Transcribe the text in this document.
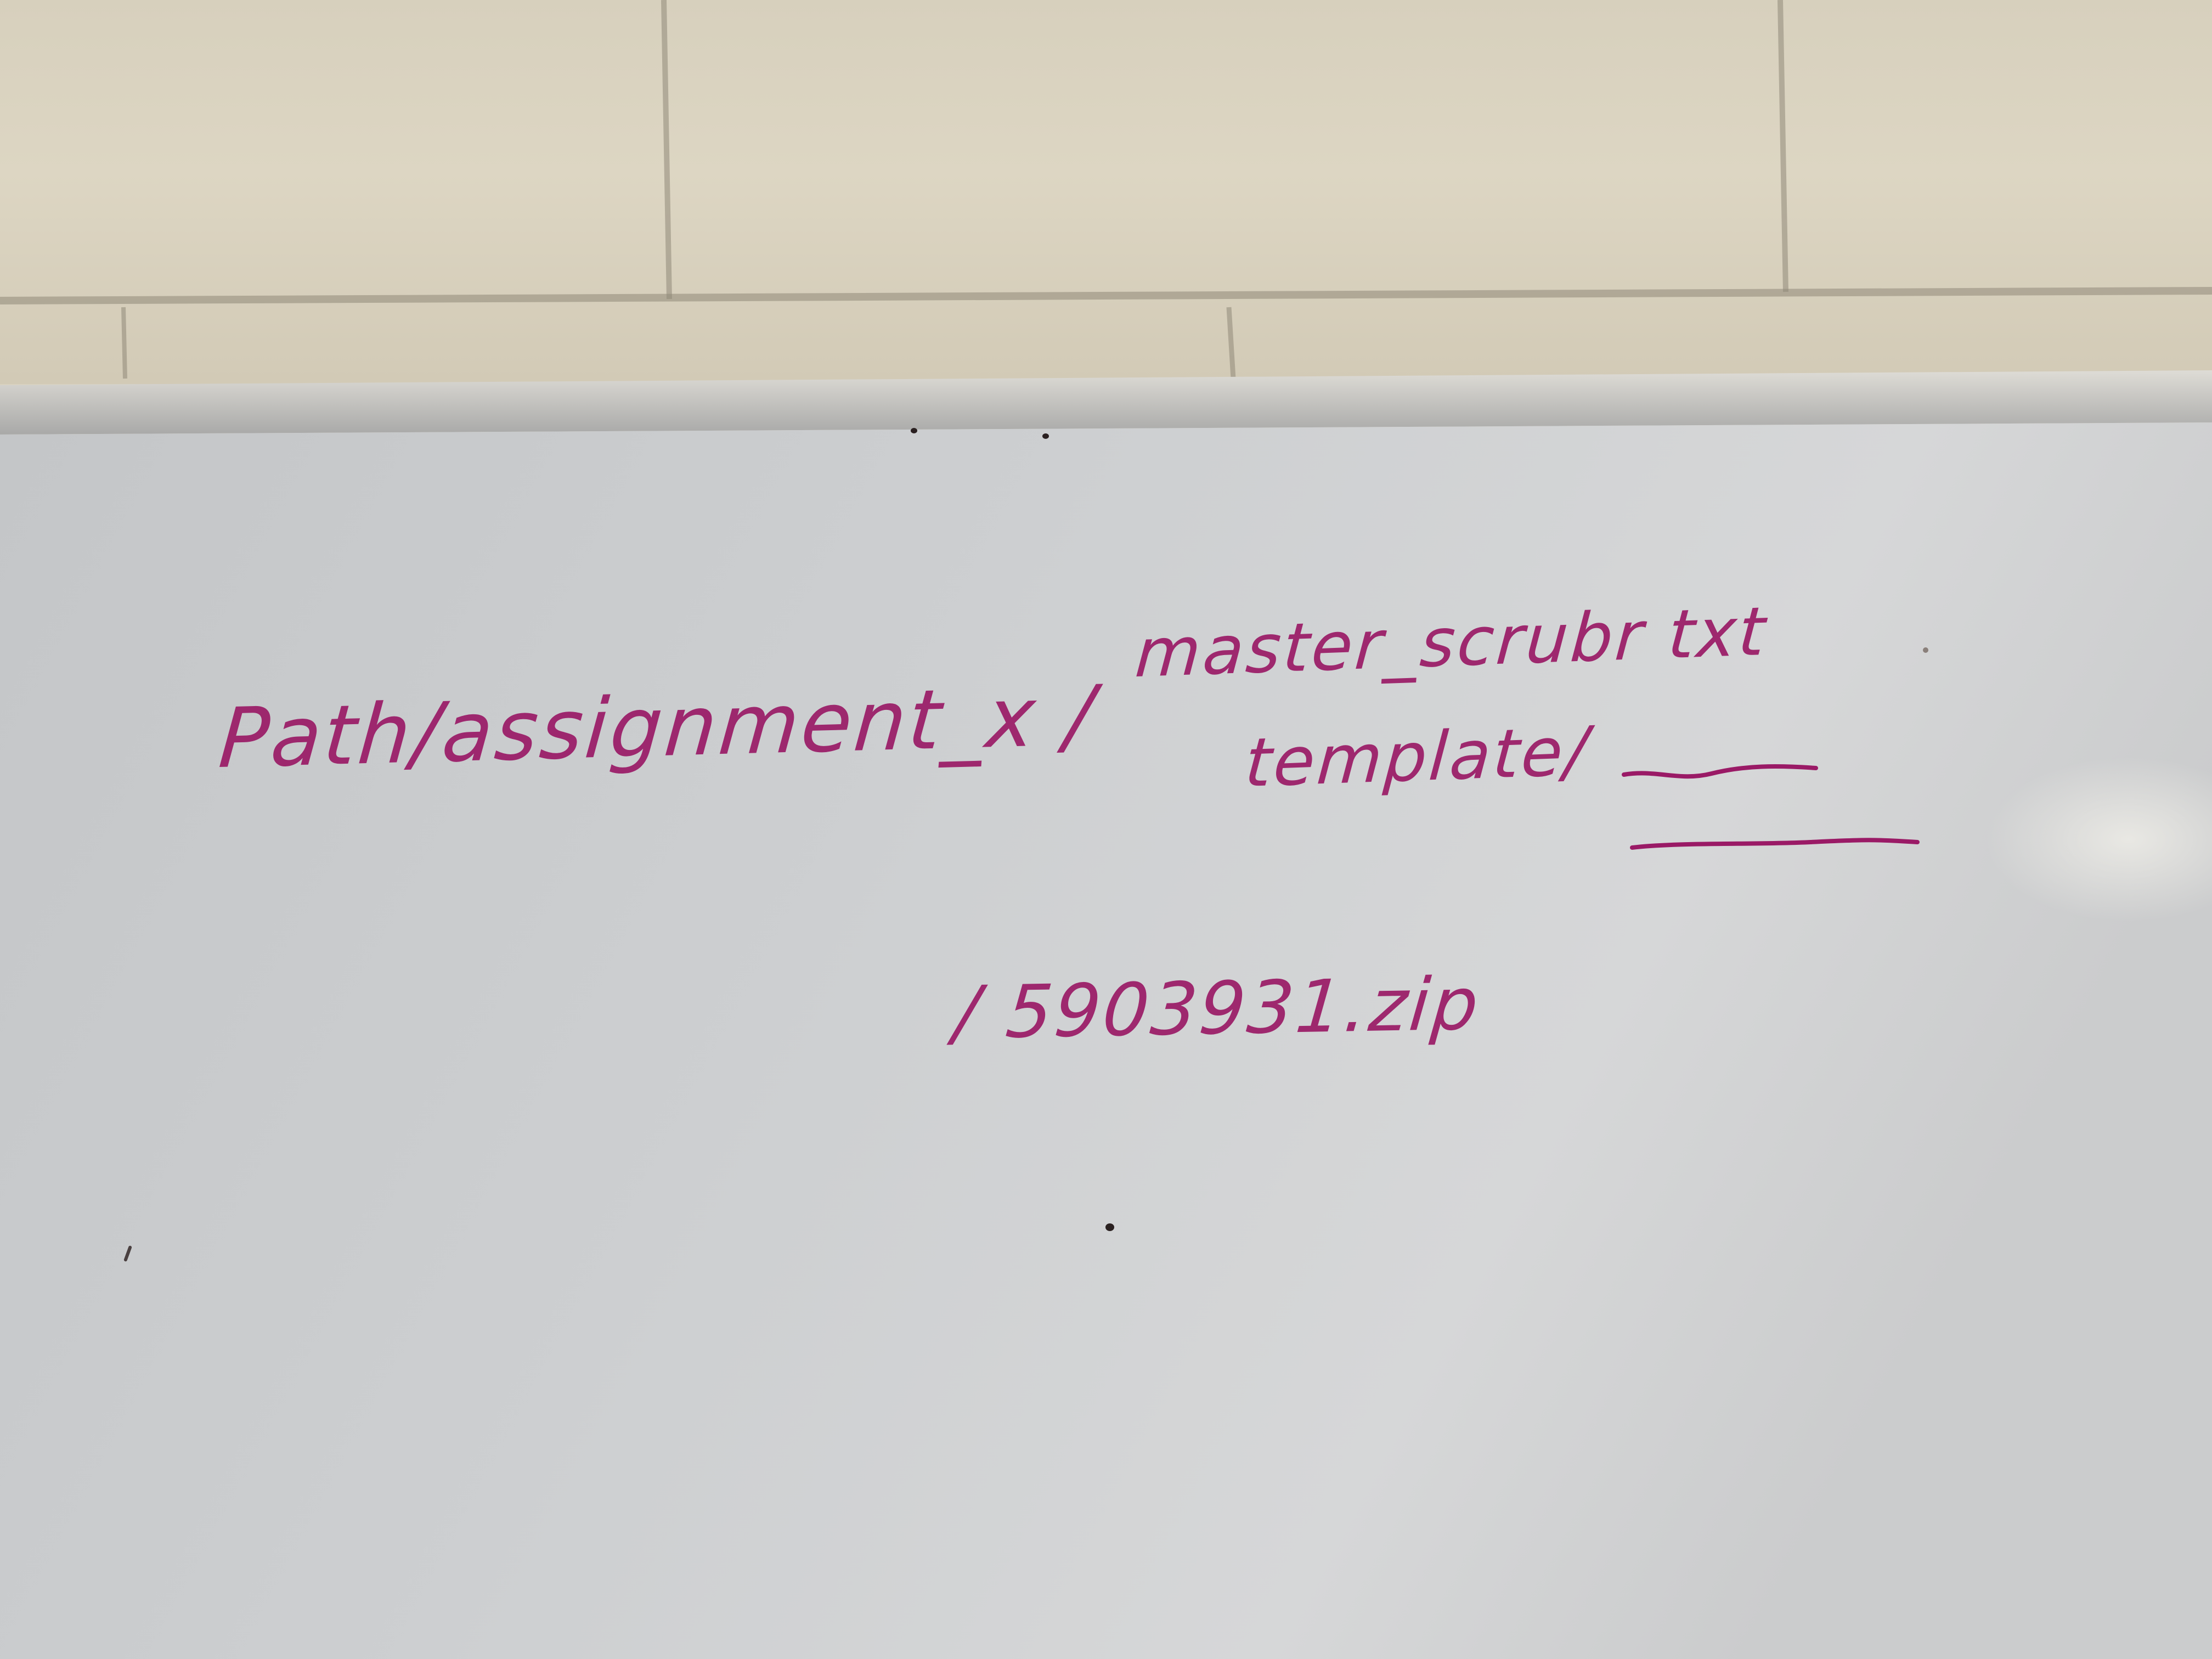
Path/assignment_x /
master_scrubr txt
template/
/ 5903931.zip
